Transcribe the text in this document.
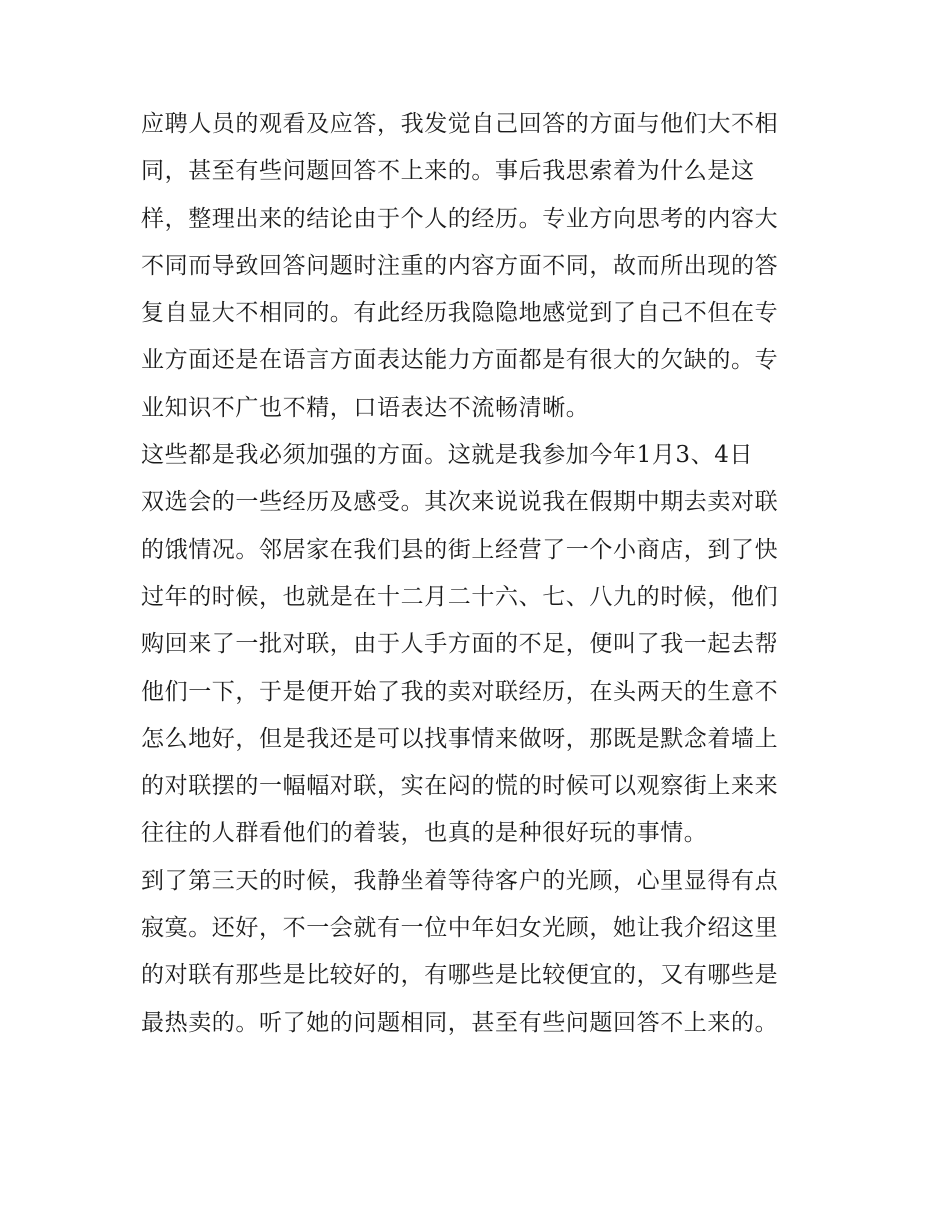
应聘人员的观看及应答，我发觉自己回答的方面与他们大不相
同，甚至有些问题回答不上来的。事后我思索着为什么是这
样，整理出来的结论由于个人的经历。专业方向思考的内容大
不同而导致回答问题时注重的内容方面不同，故而所出现的答
复自显大不相同的。有此经历我隐隐地感觉到了自己不但在专
业方面还是在语言方面表达能力方面都是有很大的欠缺的。专
业知识不广也不精，口语表达不流畅清晰。
这些都是我必须加强的方面。这就是我参加今年1月3、4日
双选会的一些经历及感受。其次来说说我在假期中期去卖对联
的饿情况。邻居家在我们县的街上经营了一个小商店，到了快
过年的时候，也就是在十二月二十六、七、八九的时候，他们
购回来了一批对联，由于人手方面的不足，便叫了我一起去帮
他们一下，于是便开始了我的卖对联经历，在头两天的生意不
怎么地好，但是我还是可以找事情来做呀，那既是默念着墙上
的对联摆的一幅幅对联，实在闷的慌的时候可以观察街上来来
往往的人群看他们的着装，也真的是种很好玩的事情。
到了第三天的时候，我静坐着等待客户的光顾，心里显得有点
寂寞。还好，不一会就有一位中年妇女光顾，她让我介绍这里
的对联有那些是比较好的，有哪些是比较便宜的，又有哪些是
最热卖的。听了她的问题相同，甚至有些问题回答不上来的。
